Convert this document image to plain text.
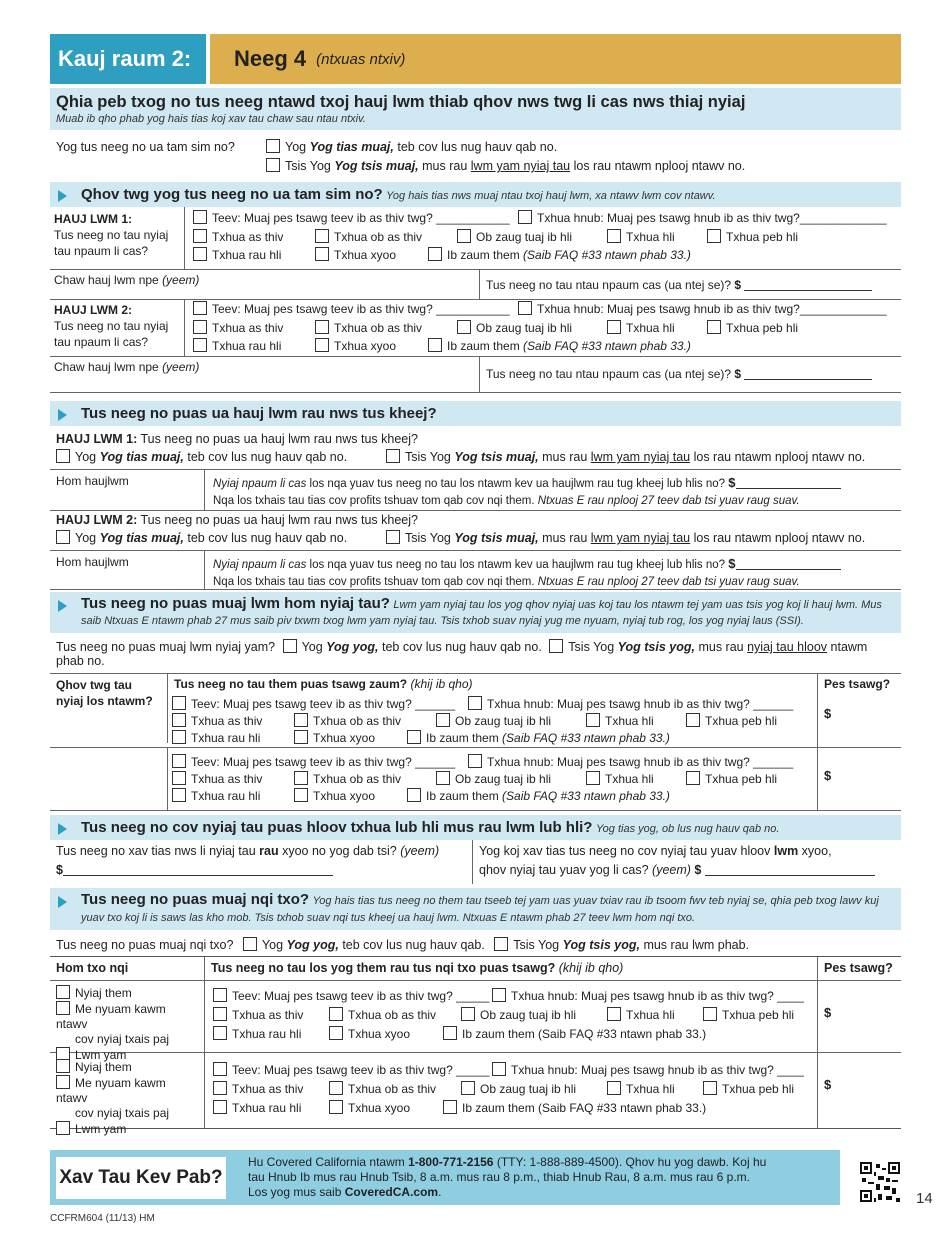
Kauj raum 2:	Neeg 4 (ntxuas ntxiv)
Qhia peb txog no tus neeg ntawd txoj hauj lwm thiab qhov nws twg li cas nws thiaj nyiaj
Muab ib qho phab yog hais tias koj xav tau chaw sau ntau ntxiv.
Yog tus neeg no ua tam sim no?	Yog Yog tias muaj, teb cov lus nug hauv qab no.
Tsis Yog Yog tsis muaj, mus rau lwm yam nyiaj tau los rau ntawm nplooj ntawv no.
Qhov twg yog tus neeg no ua tam sim no? Yog hais tias nws muaj ntau txoj hauj lwm, xa ntawv lwm cov ntawv.
HAUJ LWM 1:
Tus neeg no tau nyiaj tau npaum li cas?
Teev: Muaj pes tsawg teev ib as thiv twg? ___________ Txhua hnub: Muaj pes tsawg hnub ib as thiv twg?_____________
Txhua as thiv	Txhua ob as thiv	Ob zaug tuaj ib hli	Txhua hli	Txhua peb hli
Txhua rau hli	Txhua xyoo	Ib zaum them (Saib FAQ #33 ntawn phab 33.)
Chaw hauj lwm npe (yeem)	Tus neeg no tau ntau npaum cas (ua ntej se)? $
HAUJ LWM 2:
Tus neeg no tau nyiaj tau npaum li cas?
Teev: Muaj pes tsawg teev ib as thiv twg? ___________ Txhua hnub: Muaj pes tsawg hnub ib as thiv twg?_____________
Txhua as thiv	Txhua ob as thiv	Ob zaug tuaj ib hli	Txhua hli	Txhua peb hli
Txhua rau hli	Txhua xyoo	Ib zaum them (Saib FAQ #33 ntawn phab 33.)
Chaw hauj lwm npe (yeem)	Tus neeg no tau ntau npaum cas (ua ntej se)? $
Tus neeg no puas ua hauj lwm rau nws tus kheej?
HAUJ LWM 1: Tus neeg no puas ua hauj lwm rau nws tus kheej?
Yog Yog tias muaj, teb cov lus nug hauv qab no.	Tsis Yog Yog tsis muaj, mus rau lwm yam nyiaj tau los rau ntawm nplooj ntawv no.
Hom haujlwm	Nyiaj npaum li cas los nqa yuav tus neeg no tau los ntawm kev ua haujlwm rau tug kheej lub hlis no? $
Nqa los txhais tau tias cov profits tshuav tom qab cov nqi them. Ntxuas E rau nplooj 27 teev dab tsi yuav raug suav.
HAUJ LWM 2: Tus neeg no puas ua hauj lwm rau nws tus kheej?
Yog Yog tias muaj, teb cov lus nug hauv qab no.	Tsis Yog Yog tsis muaj, mus rau lwm yam nyiaj tau los rau ntawm nplooj ntawv no.
Hom haujlwm	Nyiaj npaum li cas los nqa yuav tus neeg no tau los ntawm kev ua haujlwm rau tug kheej lub hlis no? $
Nqa los txhais tau tias cov profits tshuav tom qab cov nqi them. Ntxuas E rau nplooj 27 teev dab tsi yuav raug suav.
Tus neeg no puas muaj lwm hom nyiaj tau? Lwm yam nyiaj tau los yog qhov nyiaj uas koj tau los ntawm tej yam uas tsis yog koj li hauj lwm. Mus saib Ntxuas E ntawm phab 27 mus saib piv txwm txog lwm yam nyiaj tau. Tsis txhob suav nyiaj yug me nyuam, nyiaj tub rog, los yog nyiaj laus (SSI).
Tus neeg no puas muaj lwm nyiaj yam? Yog Yog yog, teb cov lus nug hauv qab no. Tsis Yog Yog tsis yog, mus rau nyiaj tau hloov ntawm phab no.
Qhov twg tau nyiaj los ntawm?
Tus neeg no tau them puas tsawg zaum? (khij ib qho)
Teev: Muaj pes tsawg teev ib as thiv twg? ______	Txhua hnub: Muaj pes tsawg hnub ib as thiv twg? ______
Txhua as thiv	Txhua ob as thiv	Ob zaug tuaj ib hli	Txhua hli	Txhua peb hli
Txhua rau hli	Txhua xyoo	Ib zaum them (Saib FAQ #33 ntawn phab 33.)
Pes tsawg?
$
Teev: Muaj pes tsawg teev ib as thiv twg? ______	Txhua hnub: Muaj pes tsawg hnub ib as thiv twg? ______
Txhua as thiv	Txhua ob as thiv	Ob zaug tuaj ib hli	Txhua hli	Txhua peb hli
Txhua rau hli	Txhua xyoo	Ib zaum them (Saib FAQ #33 ntawn phab 33.)
$
Tus neeg no cov nyiaj tau puas hloov txhua lub hli mus rau lwm lub hli? Yog tias yog, ob lus nug hauv qab no.
Tus neeg no xav tias nws li nyiaj tau rau xyoo no yog dab tsi? (yeem)
$
Yog koj xav tias tus neeg no cov nyiaj tau yuav hloov lwm xyoo,
qhov nyiaj tau yuav yog li cas? (yeem) $
Tus neeg no puas muaj nqi txo? Yog hais tias tus neeg no them tau tseeb tej yam uas yuav txiav rau ib tsoom fwv teb nyiaj se, qhia peb txog lawv kuj yuav txo koj li is saws las kho mob. Tsis txhob suav nqi tus kheej ua hauj lwm. Ntxuas E ntawm phab 27 teev lwm hom nqi txo.
Tus neeg no puas muaj nqi txo? Yog Yog yog, teb cov lus nug hauv qab. Tsis Yog Yog tsis yog, mus rau lwm phab.
Hom txo nqi	Tus neeg no tau los yog them rau tus nqi txo puas tsawg? (khij ib qho)	Pes tsawg?
Nyiaj them
Me nyuam kawm ntawv
cov nyiaj txais paj
Lwm yam
Teev: Muaj pes tsawg teev ib as thiv twg? _____ Txhua hnub: Muaj pes tsawg hnub ib as thiv twg? ____
Txhua as thiv	Txhua ob as thiv	Ob zaug tuaj ib hli	Txhua hli	Txhua peb hli
Txhua rau hli	Txhua xyoo	Ib zaum them (Saib FAQ #33 ntawn phab 33.)
$
Nyiaj them
Me nyuam kawm ntawv
cov nyiaj txais paj
Lwm yam
Teev: Muaj pes tsawg teev ib as thiv twg? _____ Txhua hnub: Muaj pes tsawg hnub ib as thiv twg? ____
Txhua as thiv	Txhua ob as thiv	Ob zaug tuaj ib hli	Txhua hli	Txhua peb hli
Txhua rau hli	Txhua xyoo	Ib zaum them (Saib FAQ #33 ntawn phab 33.)
$
Xav Tau Kev Pab?
Hu Covered California ntawm 1-800-771-2156 (TTY: 1-888-889-4500). Qhov hu yog dawb. Koj hu
tau Hnub Ib mus rau Hnub Tsib, 8 a.m. mus rau 8 p.m., thiab Hnub Rau, 8 a.m. mus rau 6 p.m.
Los yog mus saib CoveredCA.com.	14
CCFRM604 (11/13) HM
